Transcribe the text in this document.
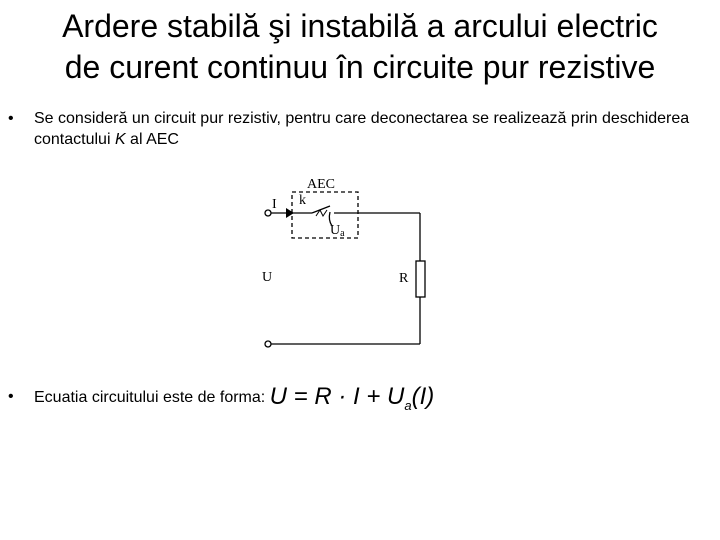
Ardere stabilă şi instabilă a arcului electric
de curent continuu în circuite pur rezistive
• Se consideră un circuit pur rezistiv, pentru care deconectarea se realizează prin deschiderea contactului K al AEC
AEC
I k
Ua
U	R
• Ecuatia circuitului este de forma: $U = R \cdot I + U_a(I)$
